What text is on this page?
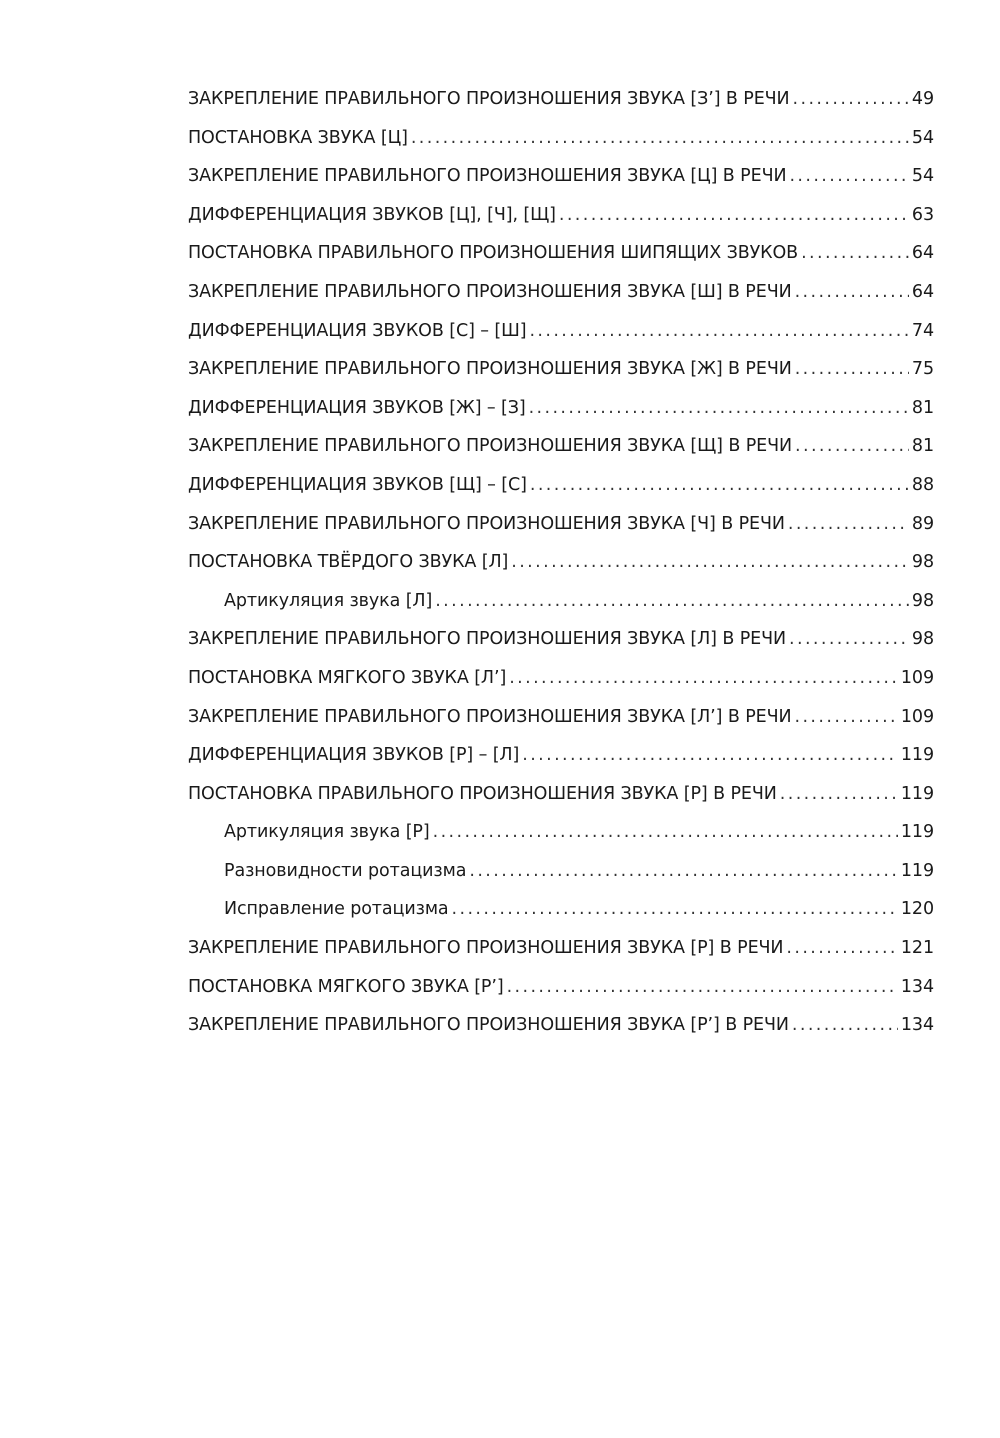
ЗАКРЕПЛЕНИЕ ПРАВИЛЬНОГО ПРОИЗНОШЕНИЯ ЗВУКА [З’] В РЕЧИ .....	49
ПОСТАНОВКА ЗВУКА [Ц] .....	54
ЗАКРЕПЛЕНИЕ ПРАВИЛЬНОГО ПРОИЗНОШЕНИЯ ЗВУКА [Ц] В РЕЧИ .....	54
ДИФФЕРЕНЦИАЦИЯ ЗВУКОВ [Ц], [Ч], [Щ] .....	63
ПОСТАНОВКА ПРАВИЛЬНОГО ПРОИЗНОШЕНИЯ ШИПЯЩИХ ЗВУКОВ .....	64
ЗАКРЕПЛЕНИЕ ПРАВИЛЬНОГО ПРОИЗНОШЕНИЯ ЗВУКА [Ш] В РЕЧИ .....	64
ДИФФЕРЕНЦИАЦИЯ ЗВУКОВ [С] – [Ш] .....	74
ЗАКРЕПЛЕНИЕ ПРАВИЛЬНОГО ПРОИЗНОШЕНИЯ ЗВУКА [Ж] В РЕЧИ .....	75
ДИФФЕРЕНЦИАЦИЯ ЗВУКОВ [Ж] – [З] .....	81
ЗАКРЕПЛЕНИЕ ПРАВИЛЬНОГО ПРОИЗНОШЕНИЯ ЗВУКА [Щ] В РЕЧИ .....	81
ДИФФЕРЕНЦИАЦИЯ ЗВУКОВ [Щ] – [С] .....	88
ЗАКРЕПЛЕНИЕ ПРАВИЛЬНОГО ПРОИЗНОШЕНИЯ ЗВУКА [Ч] В РЕЧИ .....	89
ПОСТАНОВКА ТВЁРДОГО ЗВУКА [Л] .....	98
Артикуляция звука [Л] .....	98
ЗАКРЕПЛЕНИЕ ПРАВИЛЬНОГО ПРОИЗНОШЕНИЯ ЗВУКА [Л] В РЕЧИ .....	98
ПОСТАНОВКА МЯГКОГО ЗВУКА [Л’] .....	109
ЗАКРЕПЛЕНИЕ ПРАВИЛЬНОГО ПРОИЗНОШЕНИЯ ЗВУКА [Л’] В РЕЧИ .....	109
ДИФФЕРЕНЦИАЦИЯ ЗВУКОВ [Р] – [Л] .....	119
ПОСТАНОВКА ПРАВИЛЬНОГО ПРОИЗНОШЕНИЯ ЗВУКА [Р] В РЕЧИ .....	119
Артикуляция звука [Р] .....	119
Разновидности ротацизма .....	119
Исправление ротацизма .....	120
ЗАКРЕПЛЕНИЕ ПРАВИЛЬНОГО ПРОИЗНОШЕНИЯ ЗВУКА [Р] В РЕЧИ .....	121
ПОСТАНОВКА МЯГКОГО ЗВУКА [Р’] .....	134
ЗАКРЕПЛЕНИЕ ПРАВИЛЬНОГО ПРОИЗНОШЕНИЯ ЗВУКА [Р’] В РЕЧИ .....	134
